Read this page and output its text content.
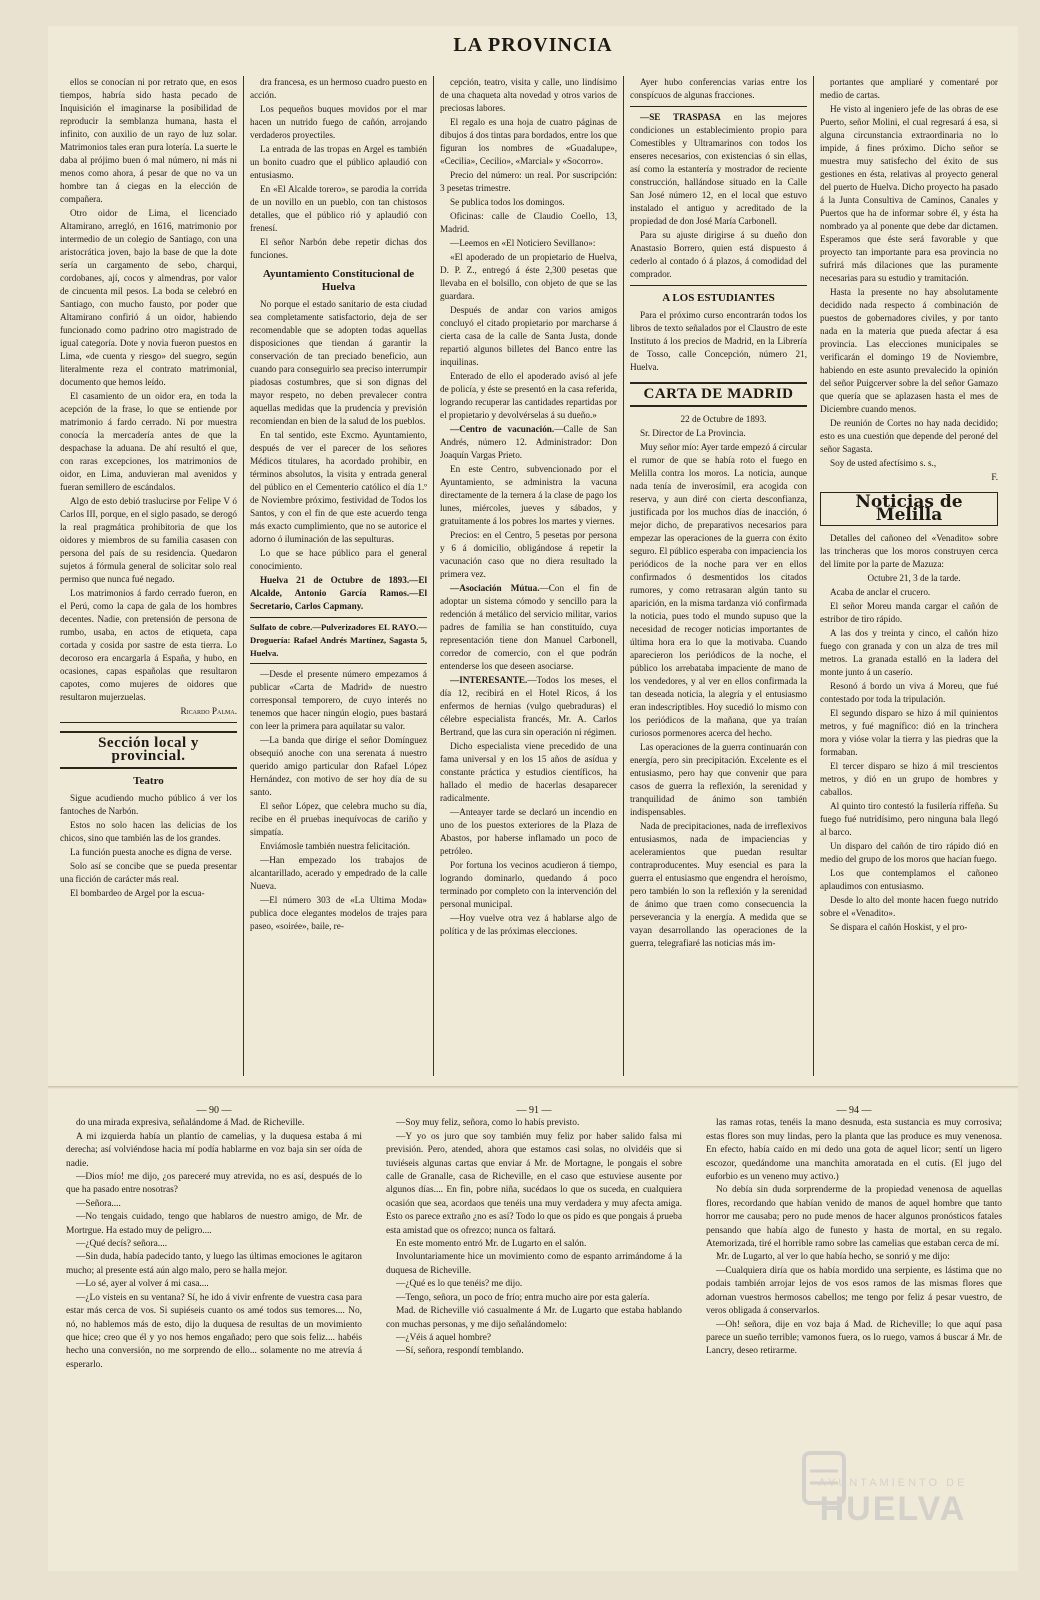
LA PROVINCIA

ellos se conocían ni por retrato que, en esos tiempos, habría sido hasta pecado de Inquisición el imaginarse la posibilidad de reproducir la semblanza humana, hasta el infinito, con auxilio de un rayo de luz solar. Matrimonios tales eran pura lotería. La suerte le daba al prójimo buen ó mal número, ni más ni menos como ahora, á pesar de que no va un hombre tan á ciegas en la elección de compañera.

Otro oidor de Lima, el licenciado Altamirano, arregló, en 1616, matrimonio por intermedio de un colegio de Santiago, con una aristocrática joven, bajo la base de que la dote sería un cargamento de sebo, charqui, cordobanes, ají, cocos y almendras, por valor de cincuenta mil pesos. La boda se celebró en Santiago, con mucho fausto, por poder que Altamirano confirió á un oidor, habiendo funcionado como padrino otro magistrado de igual categoría. Dote y novia fueron puestos en Lima, «de cuenta y riesgo» del suegro, según literalmente reza el contrato matrimonial, documento que hemos leído.

El casamiento de un oidor era, en toda la acepción de la frase, lo que se entiende por matrimonio á fardo cerrado. Ni por muestra conocía la mercadería antes de que la despachase la aduana. De ahí resultó el que, con raras excepciones, los matrimonios de oidor, en Lima, anduvieran mal avenidos y fueran semillero de escándalos.

Algo de esto debió traslucirse por Felipe V ó Carlos III, porque, en el siglo pasado, se derogó la real pragmática prohibitoria de que los oidores y miembros de su familia casasen con persona del país de su residencia. Quedaron sujetos á fórmula general de solicitar solo real permiso que nunca fué negado.

Los matrimonios á fardo cerrado fueron, en el Perú, como la capa de gala de los hombres decentes. Nadie, con pretensión de persona de rumbo, usaba, en actos de etiqueta, capa cortada y cosida por sastre de esta tierra. Lo decoroso era encargarla á España, y hubo, en ocasiones, capas españolas que resultaron capotes, como mujeres de oidores que resultaron mujerzuelas.

Ricardo Palma.

Sección local y provincial.
Teatro

Sigue acudiendo mucho público á ver los fantoches de Narbón.

Estos no solo hacen las delicias de los chicos, sino que también las de los grandes.

La función puesta anoche es digna de verse.

Solo así se concibe que se pueda presentar una ficción de carácter más real.

El bombardeo de Argel por la escua-

dra francesa, es un hermoso cuadro puesto en acción.

Los pequeños buques movidos por el mar hacen un nutrido fuego de cañón, arrojando verdaderos proyectiles.

La entrada de las tropas en Argel es también un bonito cuadro que el público aplaudió con entusiasmo.

En «El Alcalde torero», se parodia la corrida de un novillo en un pueblo, con tan chistosos detalles, que el público rió y aplaudió con frenesí.

El señor Narbón debe repetir dichas dos funciones.

Ayuntamiento Constitucional de Huelva

No porque el estado sanitario de esta ciudad sea completamente satisfactorio, deja de ser recomendable que se adopten todas aquellas disposiciones que tiendan á garantir la conservación de tan preciado beneficio, aun cuando para conseguirlo sea preciso interrumpir piadosas costumbres, que si son dignas del mayor respeto, no deben prevalecer contra aquellas medidas que la prudencia y previsión recomiendan en bien de la salud de los pueblos.

En tal sentido, este Excmo. Ayuntamiento, después de ver el parecer de los señores Médicos titulares, ha acordado prohibir, en términos absolutos, la visita y entrada general del público en el Cementerio católico el día 1.º de Noviembre próximo, festividad de Todos los Santos, y con el fin de que este acuerdo tenga más exacto cumplimiento, que no se autorice el adorno ó iluminación de las sepulturas.

Lo que se hace público para el general conocimiento.

Huelva 21 de Octubre de 1893.—El Alcalde, Antonio García Ramos.—El Secretario, Carlos Capmany.

Sulfato de cobre.—Pulverizadores EL RAYO.—Droguería: Rafael Andrés Martínez, Sagasta 5, Huelva.

—Desde el presente número empezamos á publicar «Carta de Madrid» de nuestro corresponsal temporero, de cuyo interés no tenemos que hacer ningún elogio, pues bastará con leer la primera para aquilatar su valor.

—La banda que dirige el señor Domínguez obsequió anoche con una serenata á nuestro querido amigo particular don Rafael López Hernández, con motivo de ser hoy día de su santo.

El señor López, que celebra mucho su día, recibe en él pruebas inequívocas de cariño y simpatía.

Enviámosle también nuestra felicitación.

—Han empezado los trabajos de alcantarillado, acerado y empedrado de la calle Nueva.

—El número 303 de «La Ultima Moda» publica doce elegantes modelos de trajes para paseo, «soirée», baile, re-

cepción, teatro, visita y calle, uno lindísimo de una chaqueta alta novedad y otros varios de preciosas labores.

El regalo es una hoja de cuatro páginas de dibujos á dos tintas para bordados, entre los que figuran los nombres de «Guadalupe», «Cecilia», Cecilio», «Marcial» y «Socorro».

Precio del número: un real. Por suscripción: 3 pesetas trimestre.

Se publica todos los domingos.

Oficinas: calle de Claudio Coello, 13, Madrid.

—Leemos en «El Noticiero Sevillano»:

«El apoderado de un propietario de Huelva, D. P. Z., entregó á éste 2,300 pesetas que llevaba en el bolsillo, con objeto de que se las guardara.

Después de andar con varios amigos concluyó el citado propietario por marcharse á cierta casa de la calle de Santa Justa, donde repartió algunos billetes del Banco entre las inquilinas.

Enterado de ello el apoderado avisó al jefe de policía, y éste se presentó en la casa referida, logrando recuperar las cantidades repartidas por el propietario y devolvérselas á su dueño.»

—Centro de vacunación.—Calle de San Andrés, número 12. Administrador: Don Joaquín Vargas Prieto.

En este Centro, subvencionado por el Ayuntamiento, se administra la vacuna directamente de la ternera á la clase de pago los lunes, miércoles, jueves y sábados, y gratuitamente á los pobres los martes y viernes.

Precios: en el Centro, 5 pesetas por persona y 6 á domicilio, obligándose á repetir la vacunación caso que no diera resultado la primera vez.

—Asociación Mútua.—Con el fin de adoptar un sistema cómodo y sencillo para la redención á metálico del servicio militar, varios padres de familia se han constituído, cuya representación tiene don Manuel Carbonell, corredor de comercio, con el que podrán entenderse los que deseen asociarse.

—INTERESANTE.—Todos los meses, el día 12, recibirá en el Hotel Ricos, á los enfermos de hernias (vulgo quebraduras) el célebre especialista francés, Mr. A. Carlos Bertrand, que las cura sin operación ni régimen.

Dicho especialista viene precedido de una fama universal y en los 15 años de asídua y constante práctica y estudios científicos, ha hallado el medio de hacerlas desaparecer radicalmente.

—Anteayer tarde se declaró un incendio en uno de los puestos exteriores de la Plaza de Abastos, por haberse inflamado un poco de petróleo.

Por fortuna los vecinos acudieron á tiempo, logrando dominarlo, quedando á poco terminado por completo con la intervención del personal municipal.

—Hoy vuelve otra vez á hablarse algo de política y de las próximas elecciones.

Ayer hubo conferencias varias entre los conspícuos de algunas fracciones.

—SE TRASPASA en las mejores condiciones un establecimiento propio para Comestibles y Ultramarinos con todos los enseres necesarios, con existencias ó sin ellas, así como la estantería y mostrador de reciente construcción, hallándose situado en la Calle San José número 12, en el local que estuvo instalado el antiguo y acreditado de la propiedad de don José María Carbonell.

Para su ajuste dirigirse á su dueño don Anastasio Borrero, quien está dispuesto á cederlo al contado ó á plazos, á comodidad del comprador.

A LOS ESTUDIANTES

Para el próximo curso encontrarán todos los libros de texto señalados por el Claustro de este Instituto á los precios de Madrid, en la Librería de Tosso, calle Concepción, número 21, Huelva.

CARTA DE MADRID

22 de Octubre de 1893.

Sr. Director de La Provincia.

Muy señor mío: Ayer tarde empezó á circular el rumor de que se había roto el fuego en Melilla contra los moros. La noticia, aunque nada tenía de inverosímil, era acogida con reserva, y aun diré con cierta desconfianza, justificada por los muchos días de inacción, ó mejor dicho, de preparativos necesarios para empezar las operaciones de la guerra con éxito seguro. El público esperaba con impaciencia los periódicos de la noche para ver en ellos confirmados ó desmentidos los citados rumores, y como retrasaran algún tanto su aparición, en la misma tardanza vió confirmada la noticia, pues todo el mundo supuso que la necesidad de recoger noticias importantes de última hora era lo que la motivaba. Cuando aparecieron los periódicos de la noche, el público los arrebataba impaciente de mano de los vendedores, y al ver en ellos confirmada la tan deseada noticia, la alegría y el entusiasmo eran indescriptibles. Hoy sucedió lo mismo con los periódicos de la mañana, que ya traían curiosos pormenores acerca del hecho.

Las operaciones de la guerra continuarán con energía, pero sin precipitación. Excelente es el entusiasmo, pero hay que convenir que para casos de guerra la reflexión, la serenidad y tranquilidad de ánimo son también indispensables.

Nada de precipitaciones, nada de irreflexivos entusiasmos, nada de impaciencias y aceleramientos que puedan resultar contraproducentes. Muy esencial es para la guerra el entusiasmo que engendra el heroísmo, pero también lo son la reflexión y la serenidad de ánimo que traen como consecuencia la perseverancia y la energía. A medida que se vayan desarrollando las operaciones de la guerra, telegrafiaré las noticias más im-

portantes que ampliaré y comentaré por medio de cartas.

He visto al ingeniero jefe de las obras de ese Puerto, señor Molini, el cual regresará á esa, si alguna circunstancia extraordinaria no lo impide, á fines próximo. Dicho señor se muestra muy satisfecho del éxito de sus gestiones en ésta, relativas al proyecto general del puerto de Huelva. Dicho proyecto ha pasado á la Junta Consultiva de Caminos, Canales y Puertos que ha de informar sobre él, y ésta ha nombrado ya al ponente que debe dar dictamen. Esperamos que éste será favorable y que proyecto tan importante para esa provincia no sufrirá más dilaciones que las puramente necesarias para su estudio y tramitación.

Hasta la presente no hay absolutamente decidido nada respecto á combinación de puestos de gobernadores civiles, y por tanto nada en la materia que pueda afectar á esa provincia. Las elecciones municipales se verificarán el domingo 19 de Noviembre, habiendo en este asunto prevalecido la opinión del señor Puigcerver sobre la del señor Gamazo que quería que se aplazasen hasta el mes de Diciembre cuando menos.

De reunión de Cortes no hay nada decidido; esto es una cuestión que depende del peroné del señor Sagasta.

Soy de usted afectísimo s. s.,

F.

Noticias de Melilla

Detalles del cañoneo del «Venadito» sobre las trincheras que los moros construyen cerca del límite por la parte de Mazuza:

Octubre 21, 3 de la tarde.

Acaba de anclar el crucero.

El señor Moreu manda cargar el cañón de estribor de tiro rápido.

A las dos y treinta y cinco, el cañón hizo fuego con granada y con un alza de tres mil metros. La granada estalló en la ladera del monte junto á un caserío.

Resonó á bordo un viva á Moreu, que fué contestado por toda la tripulación.

El segundo disparo se hizo á mil quinientos metros, y fué magnífico: dió en la trinchera mora y vióse volar la tierra y las piedras que la formaban.

El tercer disparo se hizo á mil trescientos metros, y dió en un grupo de hombres y caballos.

Al quinto tiro contestó la fusilería riffeña. Su fuego fué nutridísimo, pero ninguna bala llegó al barco.

Un disparo del cañón de tiro rápido dió en medio del grupo de los moros que hacían fuego.

Los que contemplamos el cañoneo aplaudimos con entusiasmo.

Desde lo alto del monte hacen fuego nutrido sobre el «Venadito».

Se dispara el cañón Hoskist, y el pro-

— 90 —

do una mirada expresiva, señalándome á Mad. de Richeville.

A mi izquierda había un plantío de camelias, y la duquesa estaba á mi derecha; así volviéndose hacia mí podía hablarme en voz baja sin ser oída de nadie.

—Dios mío! me dijo, ¿os pareceré muy atrevida, no es así, después de lo que ha pasado entre nosotras?

—Señora....

—No tengais cuidado, tengo que hablaros de nuestro amigo, de Mr. de Mortrgue. Ha estado muy de peligro....

—¿Qué decís? señora....

—Sin duda, había padecido tanto, y luego las últimas emociones le agitaron mucho; al presente está aún algo malo, pero se halla mejor.

—Lo sé, ayer al volver á mi casa....

—¿Lo visteis en su ventana? Sí, he ido á vivir enfrente de vuestra casa para estar más cerca de vos. Si supiéseis cuanto os amé todos sus temores.... No, nó, no hablemos más de esto, dijo la duquesa de resultas de un movimiento que hice; creo que él y yo nos hemos engañado; pero que sois feliz.... habéis hecho una conversión, no me sorprendo de ello... solamente no me atrevía á esperarlo.

— 91 —

—Soy muy feliz, señora, como lo habís previsto.

—Y yo os juro que soy también muy feliz por haber salido falsa mi previsión. Pero, atended, ahora que estamos casi solas, no olvidéis que si tuviéseis algunas cartas que enviar á Mr. de Mortagne, le pongais el sobre calle de Granalle, casa de Richeville, en el caso que estuviese ausente por algunos días.... En fin, pobre niña, sucédaos lo que os suceda, en cualquiera ocasión que sea, acordaos que tenéis una muy verdadera y muy afecta amiga. Esto os parece extraño ¿no es así? Todo lo que os pido es que pongais á prueba esta amistad que os ofrezco; nunca os faltará.

En este momento entró Mr. de Lugarto en el salón.

Involuntariamente hice un movimiento como de espanto arrimándome á la duquesa de Richeville.

—¿Qué es lo que tenéis? me dijo.

—Tengo, señora, un poco de frío; entra mucho aire por esta galería.

Mad. de Richeville vió casualmente á Mr. de Lugarto que estaba hablando con muchas personas, y me dijo señalándomelo:

—¿Véis á aquel hombre?

—Sí, señora, respondí temblando.

— 94 —

las ramas rotas, tenéis la mano desnuda, esta sustancia es muy corrosiva; estas flores son muy lindas, pero la planta que las produce es muy venenosa. En efecto, había caído en mi dedo una gota de aquel licor; sentí un ligero escozor, quedándome una manchita amoratada en el cutis. (El jugo del euforbio es un veneno muy activo.)

No debía sin duda sorprenderme de la propiedad venenosa de aquellas flores, recordando que habían venido de manos de aquel hombre que tanto horror me causaba; pero no pude menos de hacer algunos pronósticos fatales pensando que había algo de funesto y hasta de mortal, en su regalo. Atemorizada, tiré el horrible ramo sobre las camelias que estaban cerca de mí.

Mr. de Lugarto, al ver lo que había hecho, se sonrió y me dijo:

—Cualquiera diría que os había mordido una serpiente, es lástima que no podais también arrojar lejos de vos esos ramos de las mismas flores que adornan vuestros hermosos cabellos; me tengo por feliz á pesar vuestro, de veros obligada á conservarlos.

—Oh! señora, dije en voz baja á Mad. de Richeville; lo que aquí pasa parece un sueño terrible; vamonos fuera, os lo ruego, vamos á buscar á Mr. de Lancry, deseo retirarme.

AYUNTAMIENTO DE
HUELVA
